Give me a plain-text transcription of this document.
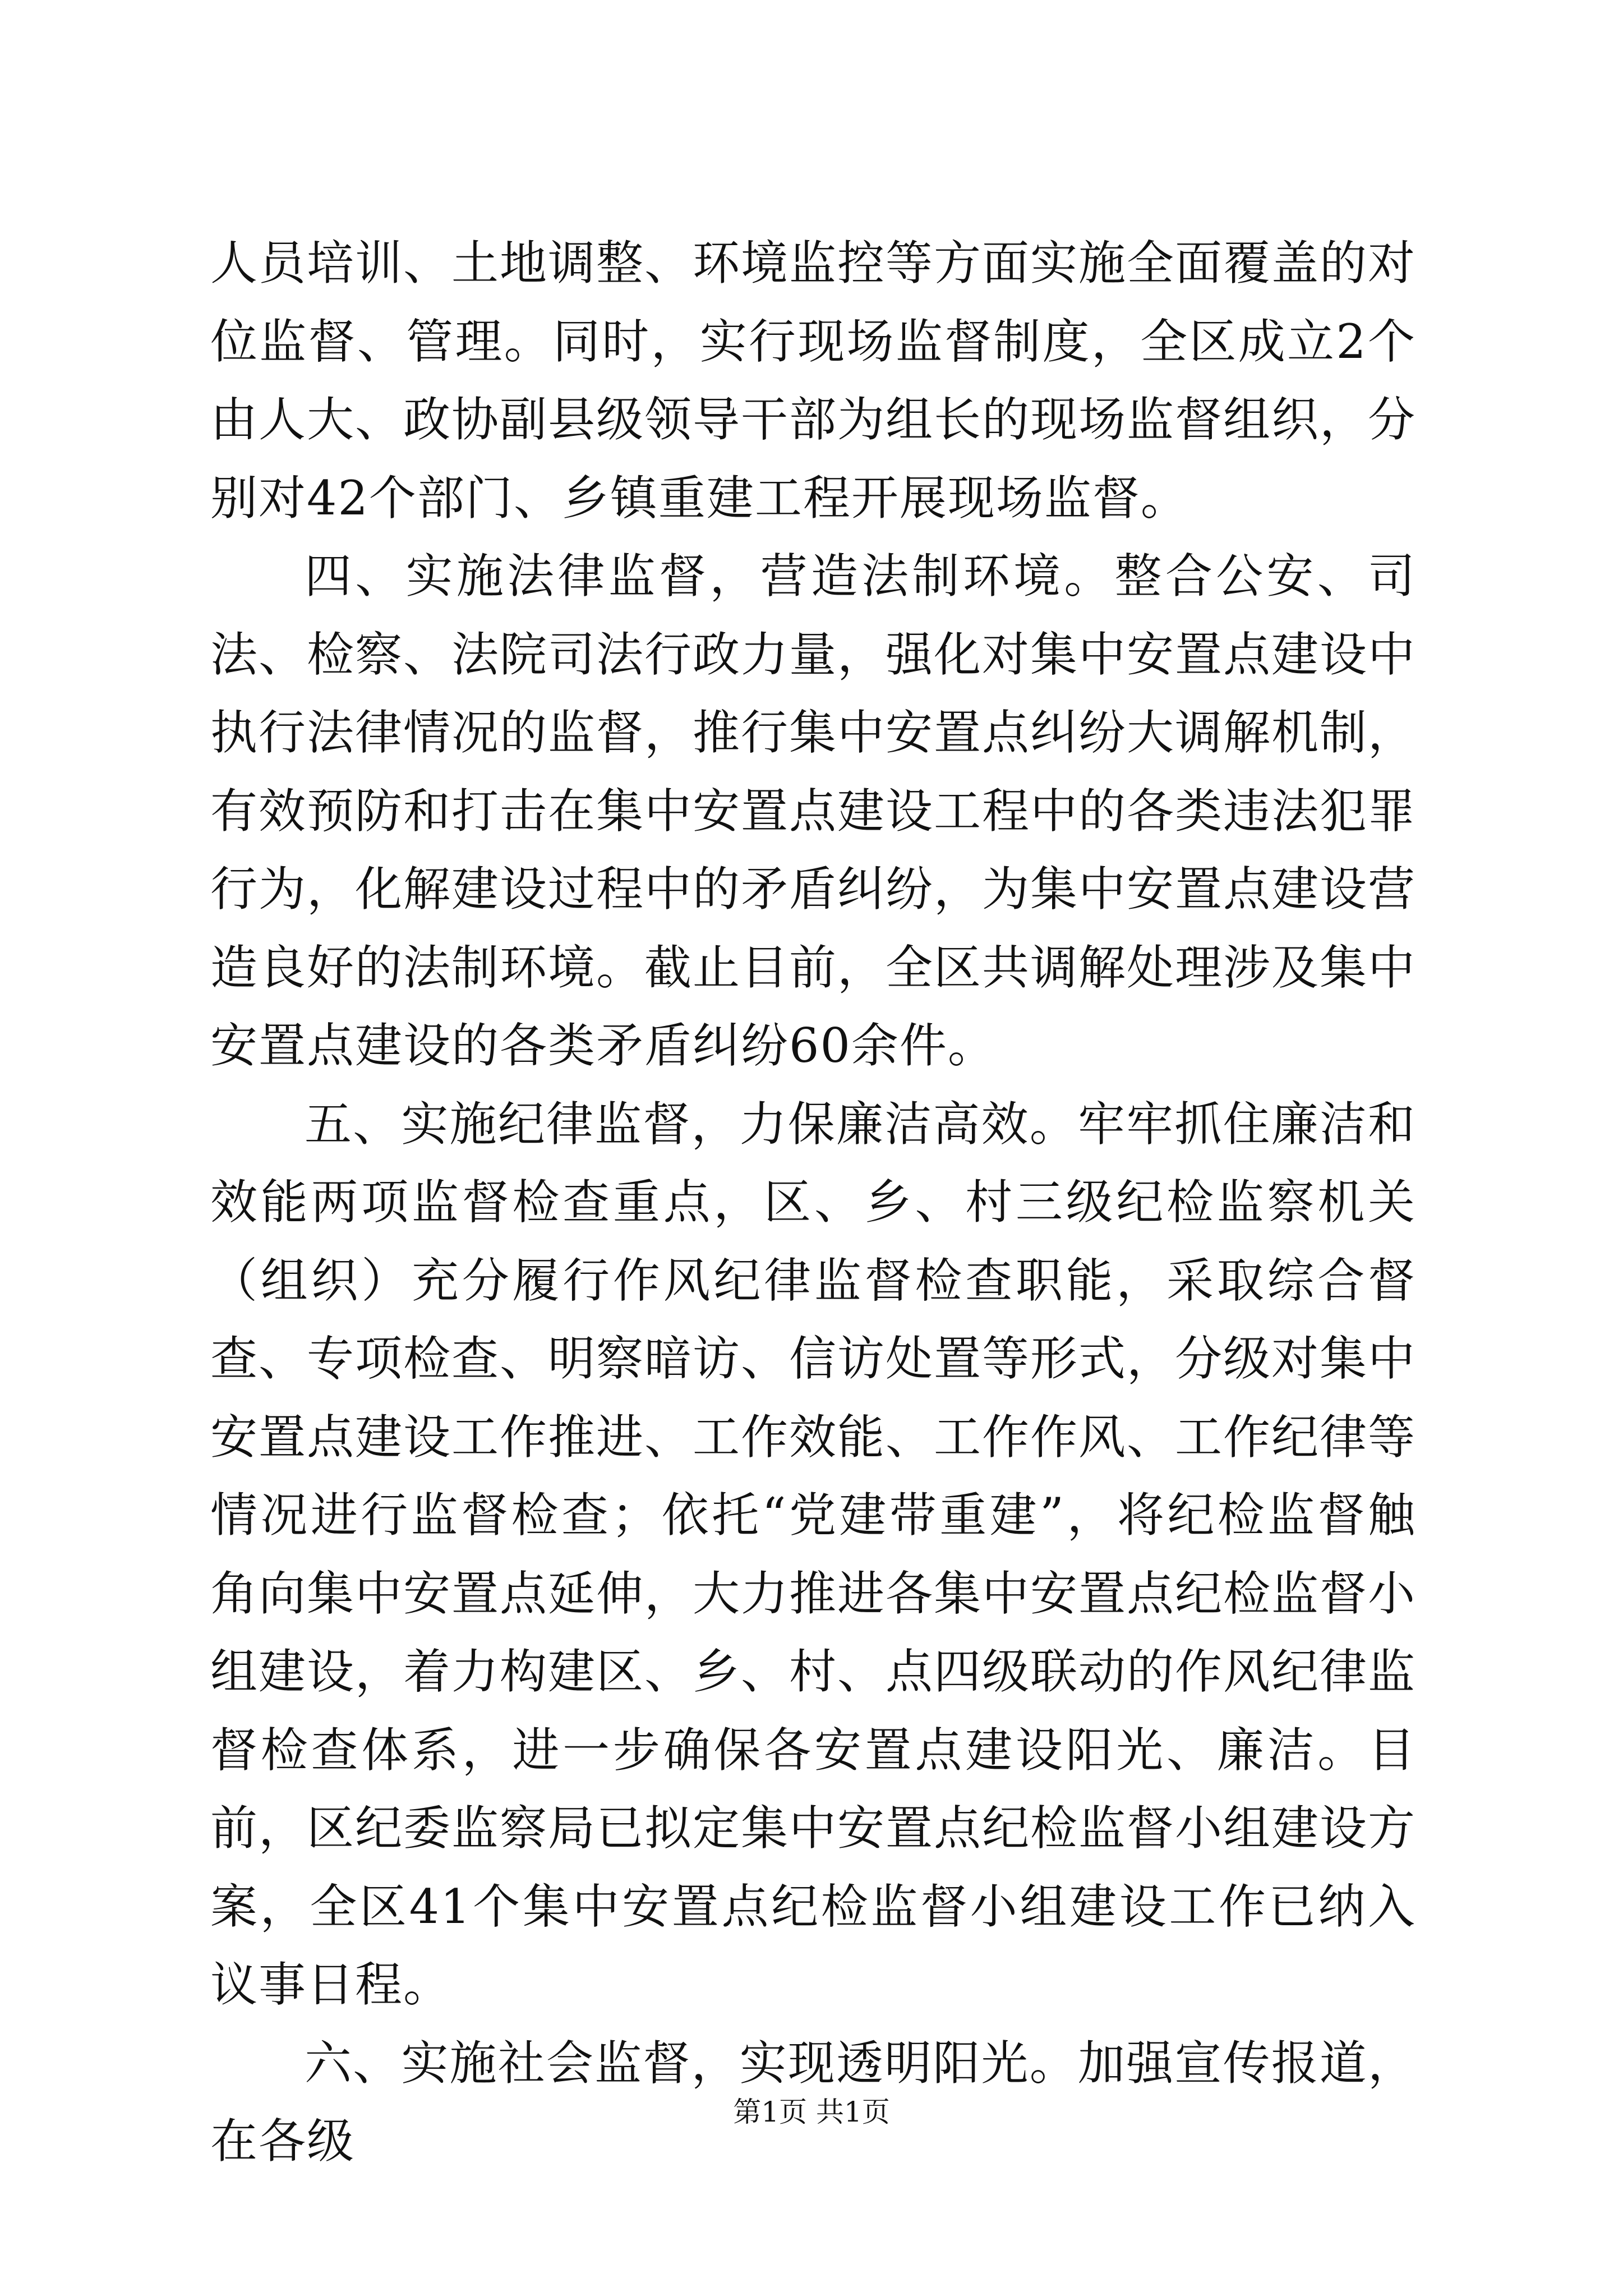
人员培训、土地调整、环境监控等方面实施全面覆盖的对位监督、管理。同时，实行现场监督制度，全区成立2个由人大、政协副县级领导干部为组长的现场监督组织，分别对42个部门、乡镇重建工程开展现场监督。

四、实施法律监督，营造法制环境。整合公安、司法、检察、法院司法行政力量，强化对集中安置点建设中执行法律情况的监督，推行集中安置点纠纷大调解机制，有效预防和打击在集中安置点建设工程中的各类违法犯罪行为，化解建设过程中的矛盾纠纷，为集中安置点建设营造良好的法制环境。截止目前，全区共调解处理涉及集中安置点建设的各类矛盾纠纷60余件。

五、实施纪律监督，力保廉洁高效。牢牢抓住廉洁和效能两项监督检查重点，区、乡、村三级纪检监察机关（组织）充分履行作风纪律监督检查职能，采取综合督查、专项检查、明察暗访、信访处置等形式，分级对集中安置点建设工作推进、工作效能、工作作风、工作纪律等情况进行监督检查；依托“党建带重建”，将纪检监督触角向集中安置点延伸，大力推进各集中安置点纪检监督小组建设，着力构建区、乡、村、点四级联动的作风纪律监督检查体系，进一步确保各安置点建设阳光、廉洁。目前，区纪委监察局已拟定集中安置点纪检监督小组建设方案，全区41个集中安置点纪检监督小组建设工作已纳入议事日程。

六、实施社会监督，实现透明阳光。加强宣传报道，在各级

第1页 共1页
